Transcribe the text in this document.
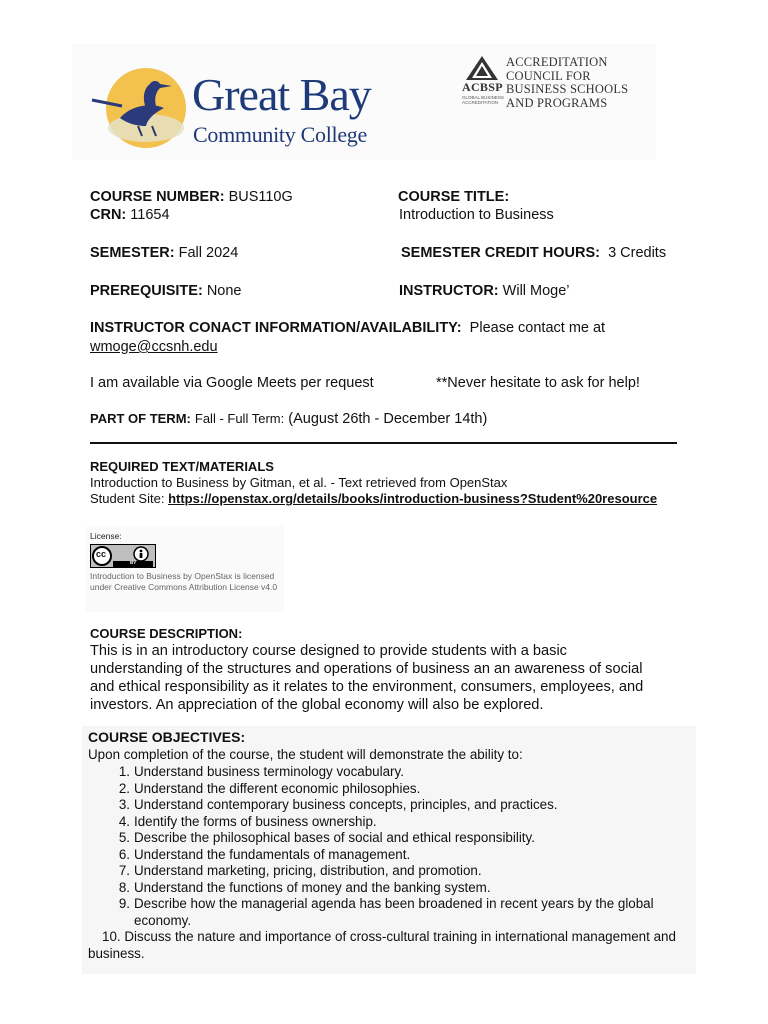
Great Bay
Community College
ACBSP
GLOBAL BUSINESS ACCREDITATION
ACCREDITATION
COUNCIL FOR
BUSINESS SCHOOLS
AND PROGRAMS
COURSE NUMBER: BUS110G	COURSE TITLE:
CRN: 11654	Introduction to Business
SEMESTER: Fall 2024	SEMESTER CREDIT HOURS: 3 Credits
PREREQUISITE: None	INSTRUCTOR: Will Moge’
INSTRUCTOR CONACT INFORMATION/AVAILABILITY: Please contact me at
wmoge@ccsnh.edu
I am available via Google Meets per request	**Never hesitate to ask for help!
PART OF TERM: Fall - Full Term: (August 26th - December 14th)
REQUIRED TEXT/MATERIALS
Introduction to Business by Gitman, et al. - Text retrieved from OpenStax
Student Site: https://openstax.org/details/books/introduction-business?Student%20resource
License:
cc
BY
Introduction to Business by OpenStax is licensed under Creative Commons Attribution License v4.0
COURSE DESCRIPTION:
This is in an introductory course designed to provide students with a basic
understanding of the structures and operations of business an an awareness of social
and ethical responsibility as it relates to the environment, consumers, employees, and
investors. An appreciation of the global economy will also be explored.
COURSE OBJECTIVES:
Upon completion of the course, the student will demonstrate the ability to:
1. Understand business terminology vocabulary.
2. Understand the different economic philosophies.
3. Understand contemporary business concepts, principles, and practices.
4. Identify the forms of business ownership.
5. Describe the philosophical bases of social and ethical responsibility.
6. Understand the fundamentals of management.
7. Understand marketing, pricing, distribution, and promotion.
8. Understand the functions of money and the banking system.
9. Describe how the managerial agenda has been broadened in recent years by the global economy.
10. Discuss the nature and importance of cross-cultural training in international management and business.
